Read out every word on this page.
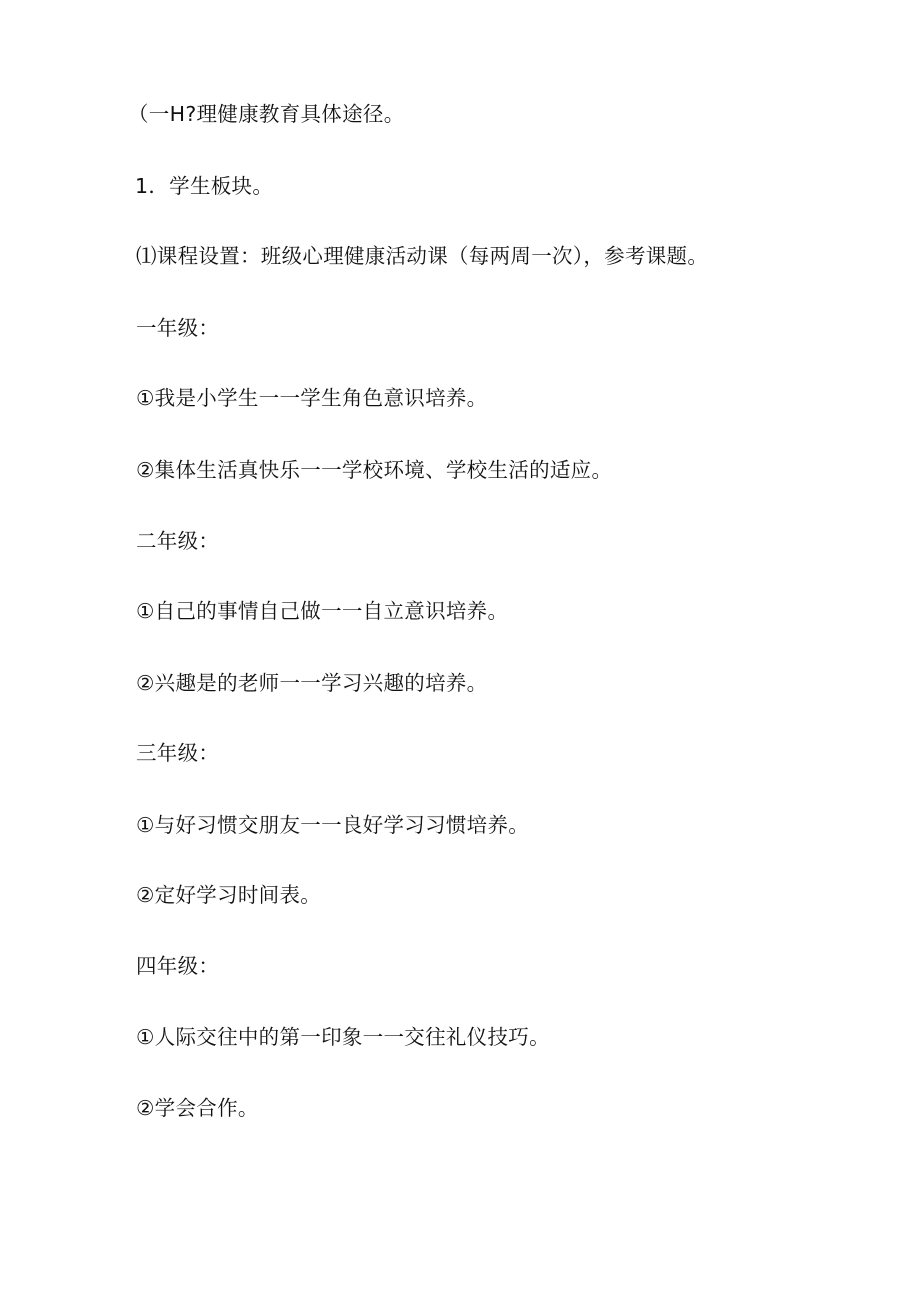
（一H?理健康教育具体途径。
1．学生板块。
⑴课程设置：班级心理健康活动课（每两周一次），参考课题。
一年级：
①我是小学生一一学生角色意识培养。
②集体生活真快乐一一学校环境、学校生活的适应。
二年级：
①自己的事情自己做一一自立意识培养。
②兴趣是的老师一一学习兴趣的培养。
三年级：
①与好习惯交朋友一一良好学习习惯培养。
②定好学习时间表。
四年级：
①人际交往中的第一印象一一交往礼仪技巧。
②学会合作。
